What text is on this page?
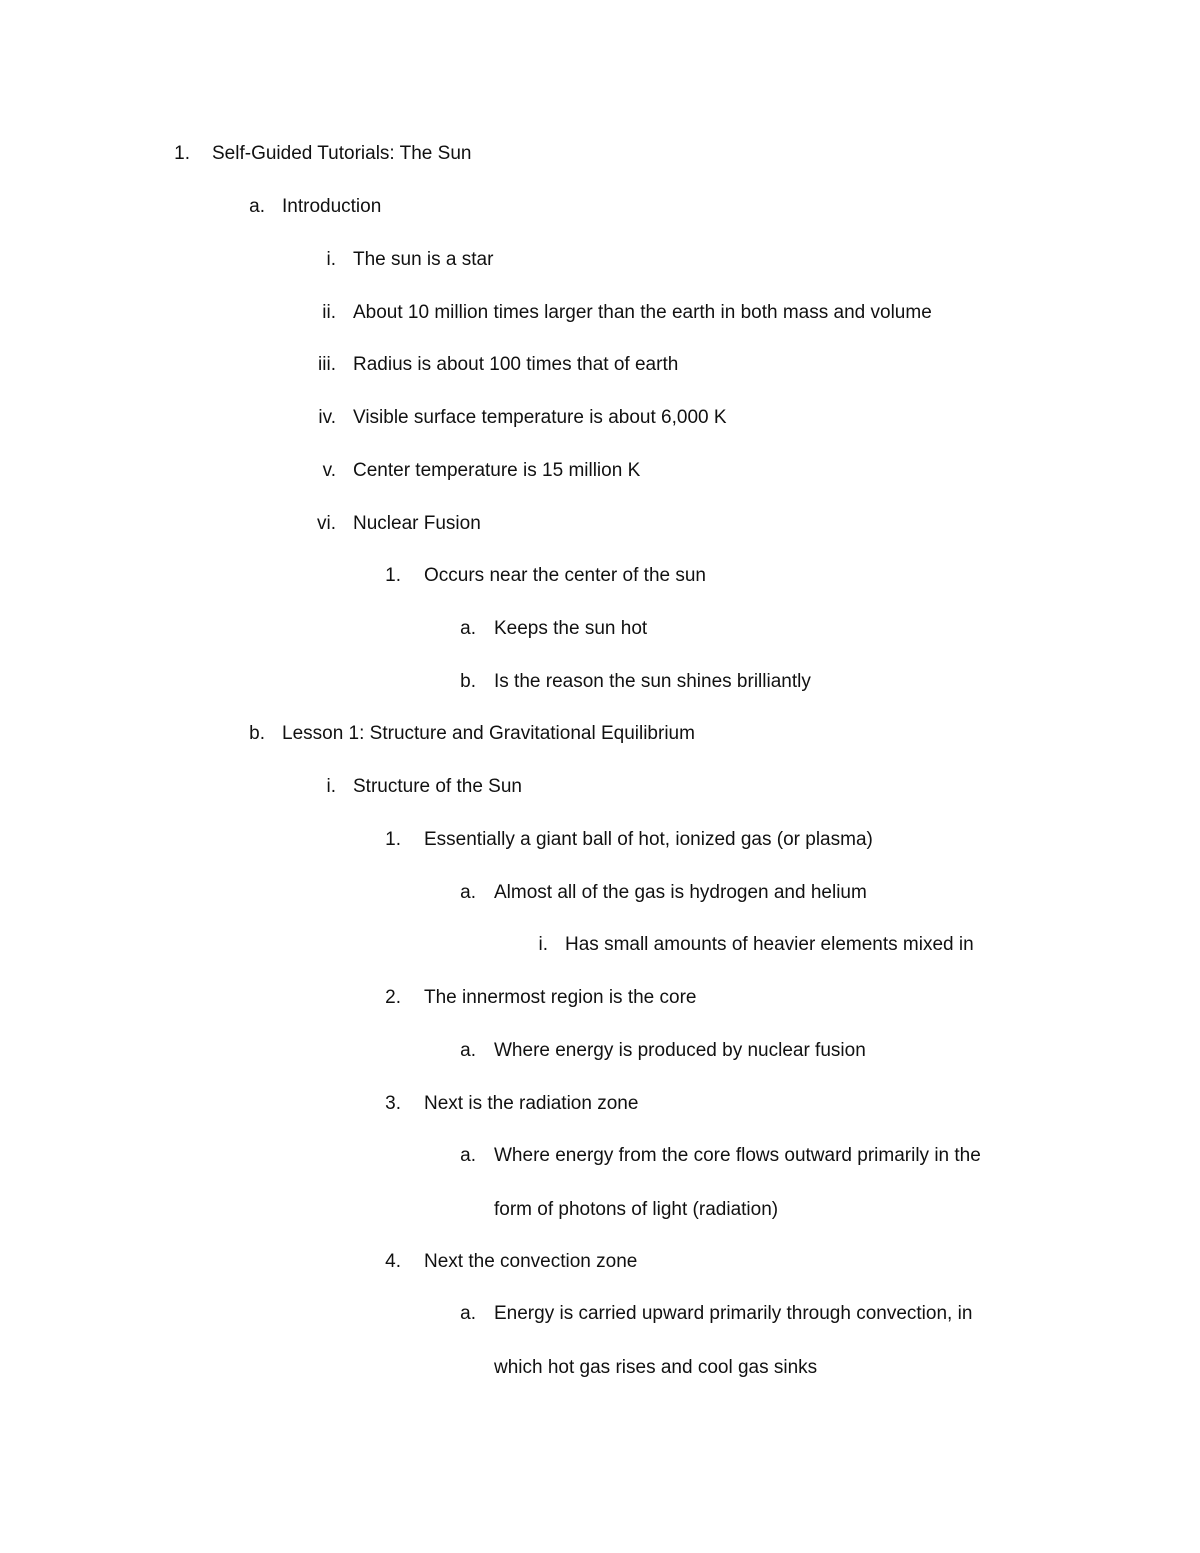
1. Self-Guided Tutorials: The Sun
a. Introduction
i. The sun is a star
ii. About 10 million times larger than the earth in both mass and volume
iii. Radius is about 100 times that of earth
iv. Visible surface temperature is about 6,000 K
v. Center temperature is 15 million K
vi. Nuclear Fusion
1. Occurs near the center of the sun
a. Keeps the sun hot
b. Is the reason the sun shines brilliantly
b. Lesson 1: Structure and Gravitational Equilibrium
i. Structure of the Sun
1. Essentially a giant ball of hot, ionized gas (or plasma)
a. Almost all of the gas is hydrogen and helium
i. Has small amounts of heavier elements mixed in
2. The innermost region is the core
a. Where energy is produced by nuclear fusion
3. Next is the radiation zone
a. Where energy from the core flows outward primarily in the
form of photons of light (radiation)
4. Next the convection zone
a. Energy is carried upward primarily through convection, in
which hot gas rises and cool gas sinks
